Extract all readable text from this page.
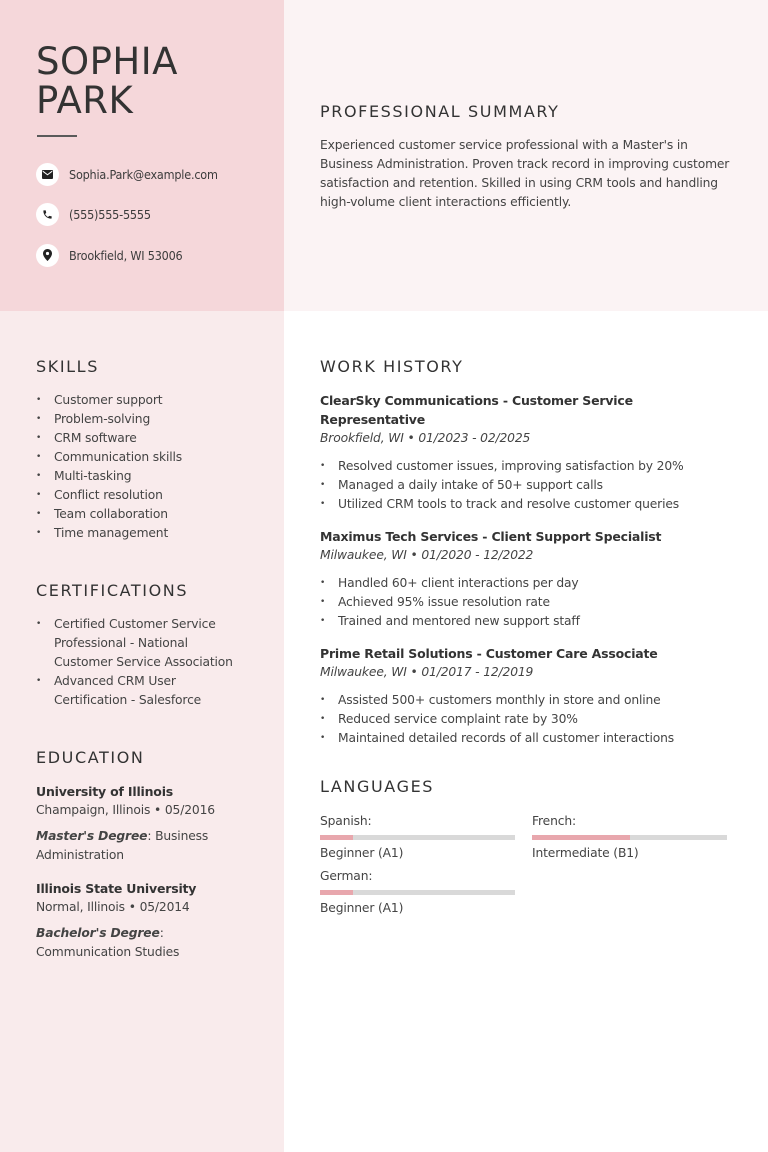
SOPHIA
PARK
Sophia.Park@example.com
(555)555-5555
Brookfield, WI 53006
PROFESSIONAL SUMMARY
Experienced customer service professional with a Master's in Business Administration. Proven track record in improving customer satisfaction and retention. Skilled in using CRM tools and handling high-volume client interactions efficiently.
SKILLS
• Customer support
• Problem-solving
• CRM software
• Communication skills
• Multi-tasking
• Conflict resolution
• Team collaboration
• Time management
CERTIFICATIONS
• Certified Customer Service Professional - National Customer Service Association
• Advanced CRM User Certification - Salesforce
EDUCATION
University of Illinois
Champaign, Illinois • 05/2016
Master's Degree: Business Administration
Illinois State University
Normal, Illinois • 05/2014
Bachelor's Degree: Communication Studies
WORK HISTORY
ClearSky Communications - Customer Service Representative
Brookfield, WI • 01/2023 - 02/2025
• Resolved customer issues, improving satisfaction by 20%
• Managed a daily intake of 50+ support calls
• Utilized CRM tools to track and resolve customer queries
Maximus Tech Services - Client Support Specialist
Milwaukee, WI • 01/2020 - 12/2022
• Handled 60+ client interactions per day
• Achieved 95% issue resolution rate
• Trained and mentored new support staff
Prime Retail Solutions - Customer Care Associate
Milwaukee, WI • 01/2017 - 12/2019
• Assisted 500+ customers monthly in store and online
• Reduced service complaint rate by 30%
• Maintained detailed records of all customer interactions
LANGUAGES
Spanish:
Beginner (A1)
French:
Intermediate (B1)
German:
Beginner (A1)
